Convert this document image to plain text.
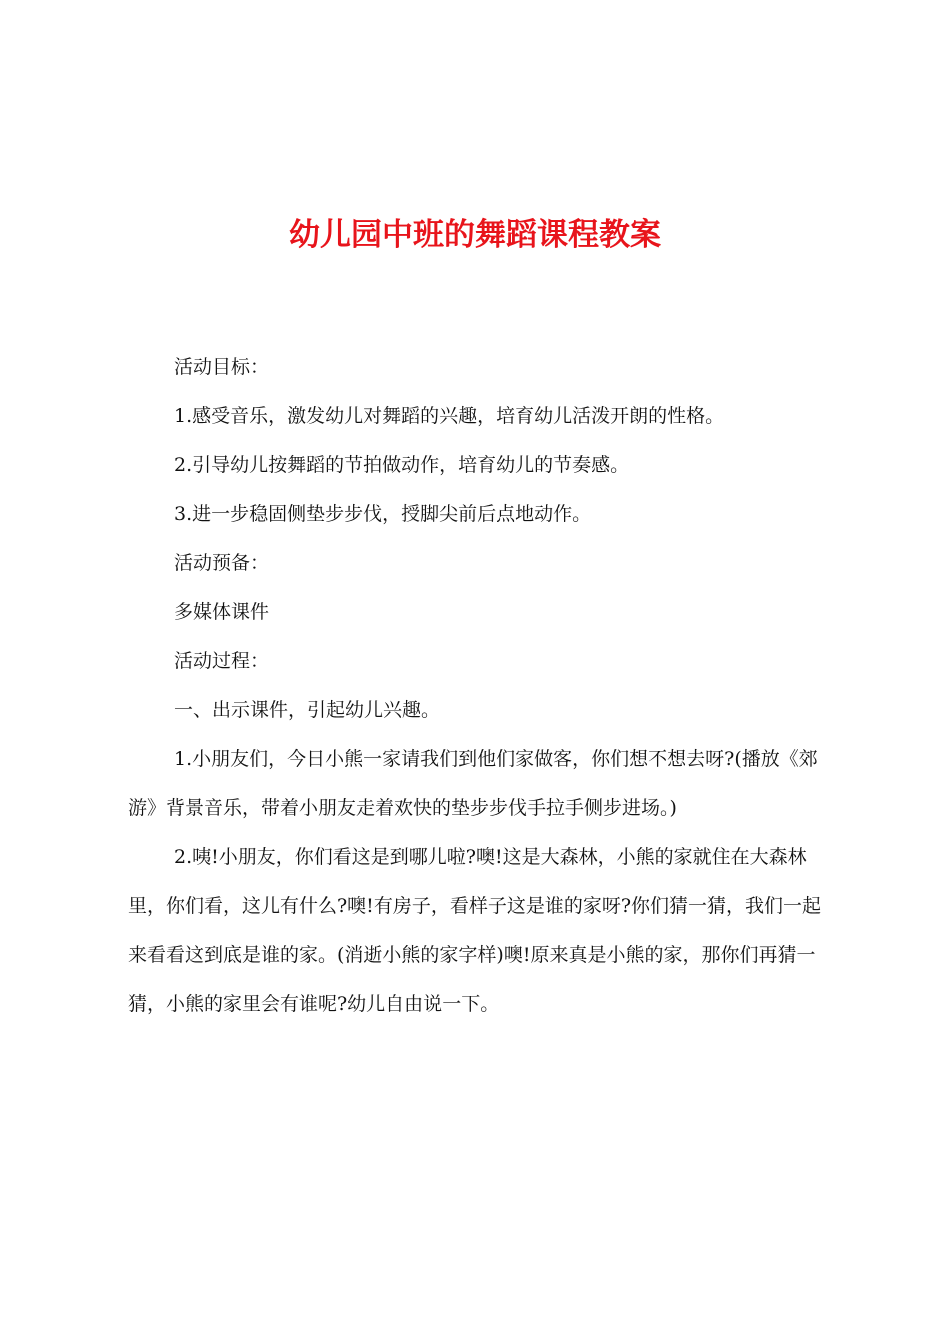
幼儿园中班的舞蹈课程教案

活动目标：

1.感受音乐，激发幼儿对舞蹈的兴趣，培育幼儿活泼开朗的性格。

2.引导幼儿按舞蹈的节拍做动作，培育幼儿的节奏感。

3.进一步稳固侧垫步步伐，授脚尖前后点地动作。

活动预备：

多媒体课件

活动过程：

一、出示课件，引起幼儿兴趣。

1.小朋友们，今日小熊一家请我们到他们家做客，你们想不想去呀?(播放《郊游》背景音乐，带着小朋友走着欢快的垫步步伐手拉手侧步进场。)

2.咦!小朋友，你们看这是到哪儿啦?噢!这是大森林，小熊的家就住在大森林里，你们看，这儿有什么?噢!有房子，看样子这是谁的家呀?你们猜一猜，我们一起来看看这到底是谁的家。(消逝小熊的家字样)噢!原来真是小熊的家，那你们再猜一猜，小熊的家里会有谁呢?幼儿自由说一下。
